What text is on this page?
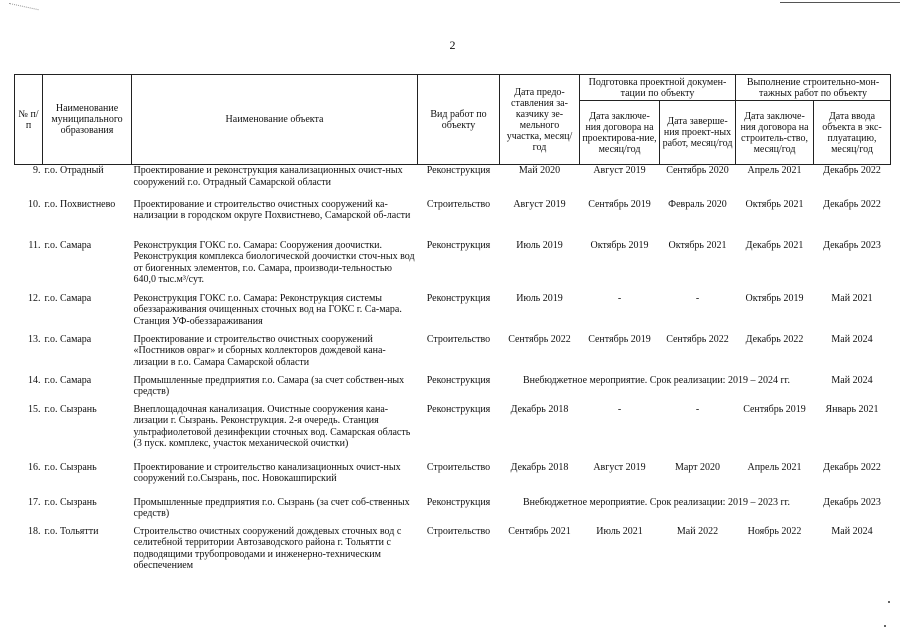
2
№ п/п	Наименование муниципального образования	Наименование объекта	Вид работ по объекту	Дата предо-ставления за-казчику зе-мельного участка, месяц/год	Подготовка проектной докумен-тации по объекту		Выполнение строительно-мон-тажных работ по объекту	
					Дата заключе-ния договора на проектирова-ние, месяц/год	Дата заверше-ния проект-ных работ, месяц/год	Дата заключе-ния договора на строитель-ство, месяц/год	Дата ввода объекта в экс-плуатацию, месяц/год
9.	г.о. Отрадный	Проектирование и реконструкция канализационных очист-ных сооружений г.о. Отрадный Самарской области	Реконструкция	Май 2020	Август 2019	Сентябрь 2020	Апрель 2021	Декабрь 2022
10.	г.о. Похвистнево	Проектирование и строительство очистных сооружений ка-нализации в городском округе Похвистнево, Самарской об-ласти	Строительство	Август 2019	Сентябрь 2019	Февраль 2020	Октябрь 2021	Декабрь 2022
11.	г.о. Самара	Реконструкция ГОКС г.о. Самара: Сооружения доочистки. Реконструкция комплекса биологической доочистки сточ-ных вод от биогенных элементов, г.о. Самара, производи-тельностью 640,0 тыс.м³/сут.	Реконструкция	Июль 2019	Октябрь 2019	Октябрь 2021	Декабрь 2021	Декабрь 2023
12.	г.о. Самара	Реконструкция ГОКС г.о. Самара: Реконструкция системы обеззараживания очищенных сточных вод на ГОКС г. Са-мара. Станция УФ-обеззараживания	Реконструкция	Июль 2019	-	-	Октябрь 2019	Май 2021
13.	г.о. Самара	Проектирование и строительство очистных сооружений «Постников овраг» и сборных коллекторов дождевой кана-лизации в г.о. Самара Самарской области	Строительство	Сентябрь 2022	Сентябрь 2019	Сентябрь 2022	Декабрь 2022	Май 2024
14.	г.о. Самара	Промышленные предприятия г.о. Самара (за счет собствен-ных средств)	Реконструкция	Внебюджетное мероприятие. Срок реализации: 2019 – 2024 гг.				Май 2024
15.	г.о. Сызрань	Внеплощадочная канализация. Очистные сооружения кана-лизации г. Сызрань. Реконструкция. 2-я очередь. Станция ультрафиолетовой дезинфекции сточных вод. Самарская область (3 пуск. комплекс, участок механической очистки)	Реконструкция	Декабрь 2018	-	-	Сентябрь 2019	Январь 2021
16.	г.о. Сызрань	Проектирование и строительство канализационных очист-ных сооружений г.о.Сызрань, пос. Новокашпирский	Строительство	Декабрь 2018	Август 2019	Март 2020	Апрель 2021	Декабрь 2022
17.	г.о. Сызрань	Промышленные предприятия г.о. Сызрань (за счет соб-ственных средств)	Реконструкция	Внебюджетное мероприятие. Срок реализации: 2019 – 2023 гг.				Декабрь 2023
18.	г.о. Тольятти	Строительство очистных сооружений дождевых сточных вод с селитебной территории Автозаводского района г. Тольятти с подводящими трубопроводами и инженерно-техническим обеспечением	Строительство	Сентябрь 2021	Июль 2021	Май 2022	Ноябрь 2022	Май 2024
